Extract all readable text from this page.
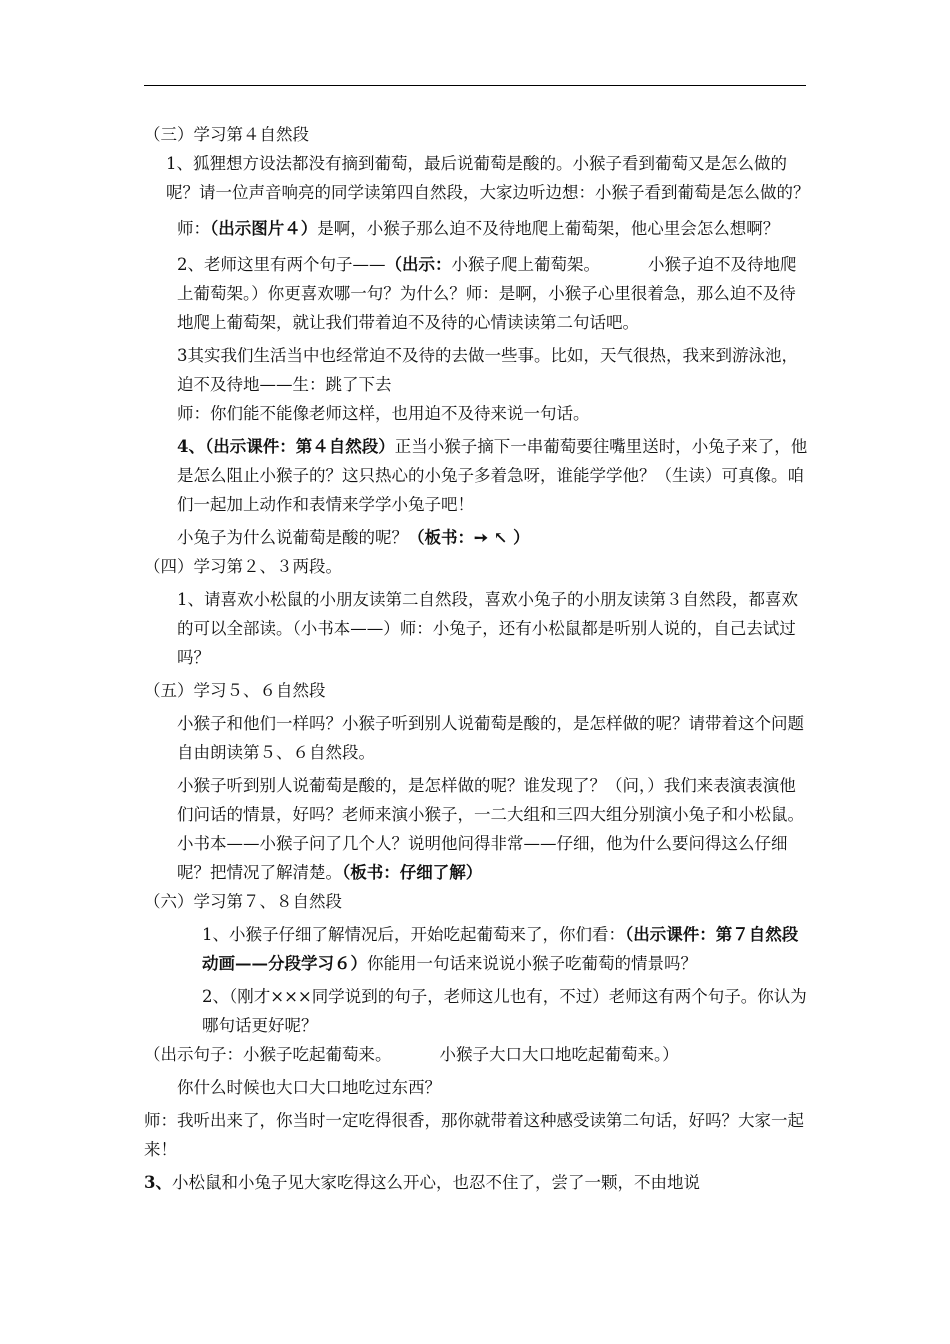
（三）学习第４自然段

1、狐狸想方设法都没有摘到葡萄，最后说葡萄是酸的。小猴子看到葡萄又是怎么做的呢？请一位声音响亮的同学读第四自然段，大家边听边想：小猴子看到葡萄是怎么做的？

师：（出示图片４）是啊，小猴子那么迫不及待地爬上葡萄架，他心里会怎么想啊？

2、老师这里有两个句子——（出示：小猴子爬上葡萄架。	小猴子迫不及待地爬上葡萄架。）你更喜欢哪一句？为什么？师：是啊，小猴子心里很着急，那么迫不及待地爬上葡萄架，就让我们带着迫不及待的心情读读第二句话吧。

3其实我们生活当中也经常迫不及待的去做一些事。比如，天气很热，我来到游泳池，迫不及待地——生：跳了下去

师：你们能不能像老师这样，也用迫不及待来说一句话。

4、（出示课件：第４自然段）正当小猴子摘下一串葡萄要往嘴里送时，小兔子来了，他是怎么阻止小猴子的？这只热心的小兔子多着急呀，谁能学学他？（生读）可真像。咱们一起加上动作和表情来学学小兔子吧！

小兔子为什么说葡萄是酸的呢？（板书：➙ ↖ ）

（四）学习第２、３两段。

1、请喜欢小松鼠的小朋友读第二自然段，喜欢小兔子的小朋友读第３自然段，都喜欢的可以全部读。（小书本——）师：小兔子，还有小松鼠都是听别人说的，自己去试过吗？

（五）学习５、６自然段

小猴子和他们一样吗？小猴子听到别人说葡萄是酸的，是怎样做的呢？请带着这个问题自由朗读第５、６自然段。

小猴子听到别人说葡萄是酸的，是怎样做的呢？谁发现了？（问，）我们来表演表演他们问话的情景，好吗？老师来演小猴子，一二大组和三四大组分别演小兔子和小松鼠。小书本——小猴子问了几个人？说明他问得非常——仔细，他为什么要问得这么仔细呢？把情况了解清楚。（板书：仔细了解）

（六）学习第７、８自然段

1、小猴子仔细了解情况后，开始吃起葡萄来了，你们看：（出示课件：第７自然段动画——分段学习６）你能用一句话来说说小猴子吃葡萄的情景吗？

2、（刚才×××同学说到的句子，老师这儿也有，不过）老师这有两个句子。你认为哪句话更好呢？

（出示句子：小猴子吃起葡萄来。	小猴子大口大口地吃起葡萄来。）

你什么时候也大口大口地吃过东西？

师：我听出来了，你当时一定吃得很香，那你就带着这种感受读第二句话，好吗？大家一起来！

3、小松鼠和小兔子见大家吃得这么开心，也忍不住了，尝了一颗，不由地说
